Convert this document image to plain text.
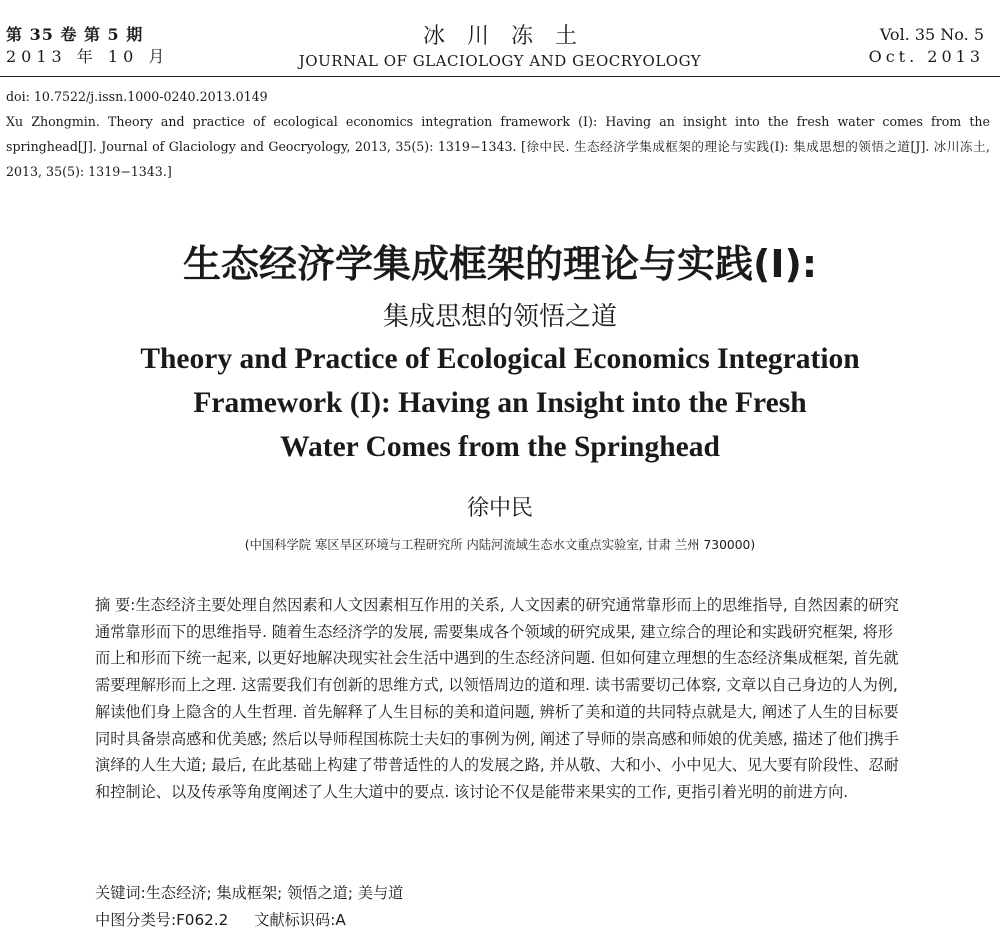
第 35 卷 第 5 期
2013 年 10 月
冰川冻土
JOURNAL OF GLACIOLOGY AND GEOCRYOLOGY
Vol. 35 No. 5
Oct. 2013
doi: 10.7522/j.issn.1000-0240.2013.0149
Xu Zhongmin. Theory and practice of ecological economics integration framework (I): Having an insight into the fresh water comes from the springhead[J]. Journal of Glaciology and Geocryology, 2013, 35(5): 1319−1343. [徐中民. 生态经济学集成框架的理论与实践(I): 集成思想的领悟之道[J]. 冰川冻土, 2013, 35(5): 1319−1343.]
生态经济学集成框架的理论与实践(I):
集成思想的领悟之道
Theory and Practice of Ecological Economics Integration
Framework (I): Having an Insight into the Fresh
Water Comes from the Springhead
徐中民
(中国科学院 寒区旱区环境与工程研究所 内陆河流域生态水文重点实验室, 甘肃 兰州 730000)
摘 要:生态经济主要处理自然因素和人文因素相互作用的关系, 人文因素的研究通常靠形而上的思维指导, 自然因素的研究通常靠形而下的思维指导. 随着生态经济学的发展, 需要集成各个领域的研究成果, 建立综合的理论和实践研究框架, 将形而上和形而下统一起来, 以更好地解决现实社会生活中遇到的生态经济问题. 但如何建立理想的生态经济集成框架, 首先就需要理解形而上之理. 这需要我们有创新的思维方式, 以领悟周边的道和理. 读书需要切己体察, 文章以自己身边的人为例, 解读他们身上隐含的人生哲理. 首先解释了人生目标的美和道问题, 辨析了美和道的共同特点就是大, 阐述了人生的目标要同时具备崇高感和优美感; 然后以导师程国栋院士夫妇的事例为例, 阐述了导师的崇高感和师娘的优美感, 描述了他们携手演绎的人生大道; 最后, 在此基础上构建了带普适性的人的发展之路, 并从敬、大和小、小中见大、见大要有阶段性、忍耐和控制论、以及传承等角度阐述了人生大道中的要点. 该讨论不仅是能带来果实的工作, 更指引着光明的前进方向.
关键词:生态经济; 集成框架; 领悟之道; 美与道
中图分类号:F062.2 文献标识码:A
